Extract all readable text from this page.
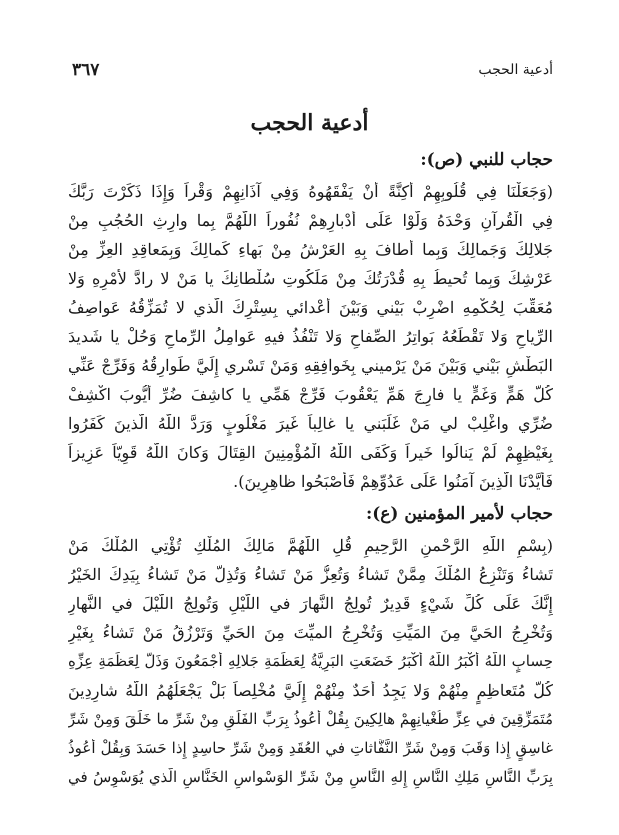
أدعية الحجب
٣٦٧
أدعية الحجب
حجاب للنبي (ص):
(وَجَعَلْنَا فِي قُلُوبِهِمْ أَكِنَّةً أَنْ يَفْقَهُوهُ وَفِي آذَانِهِمْ وَقْراً وَإِذَا ذَكَرْتَ رَبَّكَ
فِي الْقُرآنِ وَحْدَهُ وَلَّوْا عَلَى أَدْبارِهِمْ نُفُوراً اللَّهُمَّ بِما وارِثِ الحُجُبِ مِنْ
جَلالِكَ وَجَمالِكَ وَبِما أطافَ بِهِ العَرْشُ مِنْ بَهاءِ كَمالِكَ وَبِمَعاقِدِ العِزِّ مِنْ
عَرْشِكَ وَبِما تُحيطُ بِهِ قُدْرَتُكَ مِنْ مَلَكُوتِ سُلْطانِكَ يا مَنْ لا رادَّ لأَمْرِهِ وَلا
مُعَقِّبَ لِحُكْمِهِ اضْرِبْ بَيْني وَبَيْنَ أَعْدائي بِسِتْرِكَ الَّذي لا تُمَزِّقُهُ عَواصِفُ
الرِّياحِ وَلا تَقْطَعُهُ بَواتِرُ الصِّفاحِ وَلا تَنْفُذُ فيهِ عَوامِلُ الرِّماحِ وَحُلْ يا شَديدَ
البَطْشِ بَيْني وَبَيْنَ مَنْ يَرْميني بِخَوافِقِهِ وَمَنْ تَسْري إِلَيَّ طَوارِقُهُ وَفَرِّجْ عَنِّي
كُلَّ هَمٍّ وَغَمٍّ يا فارِجَ هَمِّ يَعْقُوبَ فَرِّجْ هَمِّي يا كاشِفَ ضُرِّ أَيُّوبَ اكْشِفْ
ضُرِّي واغْلِبْ لي مَنْ غَلَبَني يا غالِباً غَيرَ مَغْلُوبٍ وَرَدَّ اللَّهُ الَّذينَ كَفَرُوا
بِغَيْظِهِمْ لَمْ يَنالُوا خَيراً وَكَفَى اللَّهُ الْمُؤْمِنِينَ القِتَالَ وَكانَ اللَّهُ قَوِيّاً عَزِيزاً
فَأَيَّدْنَا الَّذِينَ آمَنُوا عَلَى عَدُوِّهِمْ فَأَصْبَحُوا ظاهِرِينَ).
حجاب لأمير المؤمنين (ع):
(بِسْمِ اللَّهِ الرَّحْمنِ الرَّحِيمِ قُلِ اللَّهُمَّ مَالِكَ المُلْكِ تُؤْتِي المُلْكَ مَنْ
تَشاءُ وَتَنْزِعُ المُلْكَ مِمَّنْ تَشاءُ وَتُعِزُّ مَنْ تَشاءُ وَتُذِلُّ مَنْ تَشاءُ بِيَدِكَ الخَيْرُ
إِنَّكَ عَلَى كُلِّ شَيْءٍ قَدِيرٌ تُولِجُ النَّهارَ في اللَّيْلِ وَتُولِجُ اللَّيْلَ في النَّهارِ
وَتُخْرِجُ الحَيَّ مِنَ المَيِّتِ وَتُخْرِجُ الميِّتَ مِنَ الحَيِّ وَتَرْزُقُ مَنْ تَشاءُ بِغَيْرِ
حِسابٍ اللَّهُ أَكْبَرُ اللَّهُ أَكْبَرُ خَضَعَتِ البَرِيَّةُ لِعَظَمَةِ جَلالِهِ أَجْمَعُونَ وَذَلَّ لِعَظَمَةِ عِزِّهِ
كُلُّ مُتَعاظِمٍ مِنْهُمْ وَلا يَجِدُ أَحَدٌ مِنْهُمْ إِلَيَّ مُخْلِصاً بَلْ يَجْعَلُهُمُ اللَّهُ شارِدِينَ
مُتَمَزِّقِينَ في عِزِّ طُغْيانِهِمْ هالِكِينَ بِقُلْ أَعُوذُ بِرَبِّ الفَلَقِ مِنْ شَرِّ ما خَلَقَ وَمِنْ شَرِّ
غاسِقٍ إِذا وَقَبَ وَمِنْ شَرِّ النَّفَّاثاتِ في العُقَدِ وَمِنْ شَرِّ حاسِدٍ إِذا حَسَدَ وَبِقُلْ أَعُوذُ
بِرَبِّ النَّاسِ مَلِكِ النَّاسِ إِلهِ النَّاسِ مِنْ شَرِّ الوَسْواسِ الخَنَّاسِ الَّذي يُوَسْوِسُ في
